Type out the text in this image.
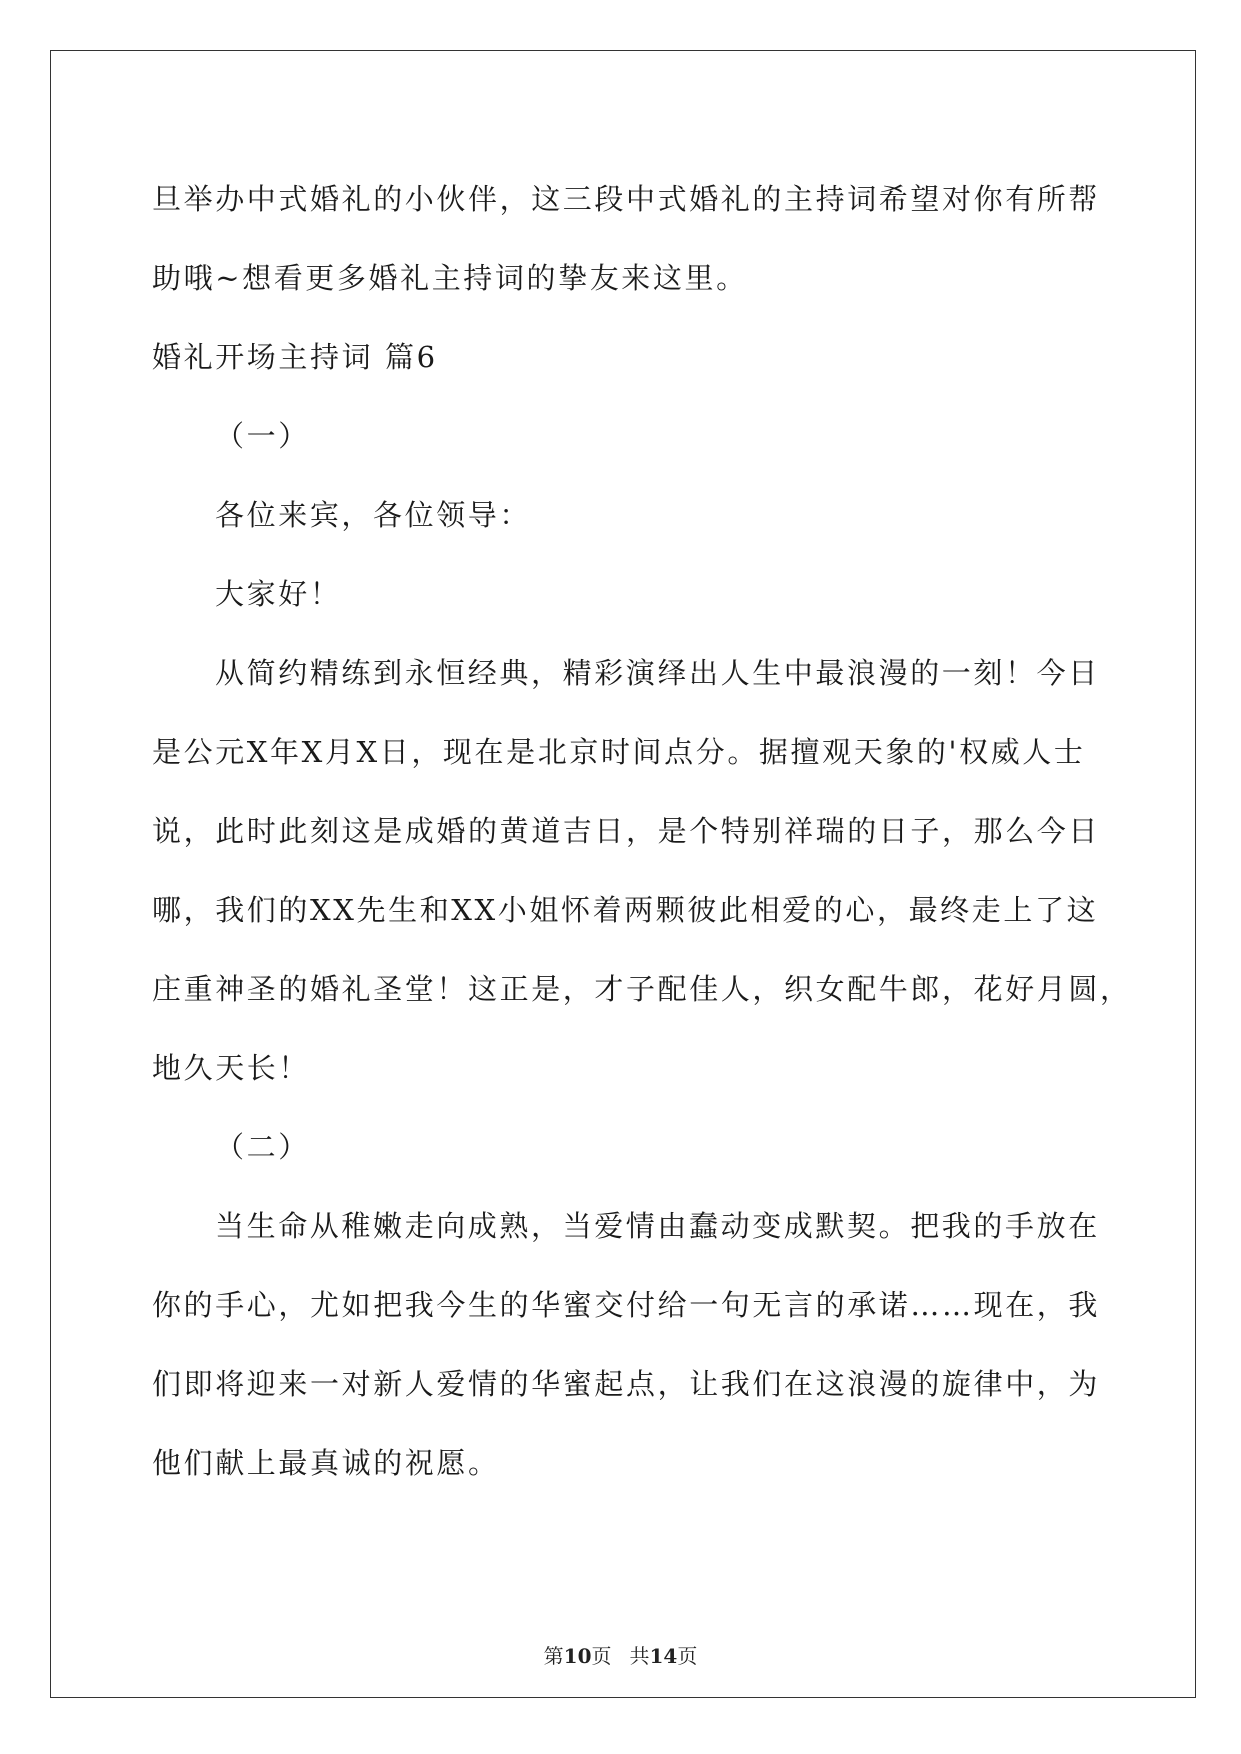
旦举办中式婚礼的小伙伴，这三段中式婚礼的主持词希望对你有所帮

助哦~想看更多婚礼主持词的挚友来这里。

婚礼开场主持词 篇6

（一）

各位来宾，各位领导：

大家好！

从简约精练到永恒经典，精彩演绎出人生中最浪漫的一刻！今日

是公元X年X月X日，现在是北京时间点分。据擅观天象的'权威人士

说，此时此刻这是成婚的黄道吉日，是个特别祥瑞的日子，那么今日

哪，我们的XX先生和XX小姐怀着两颗彼此相爱的心，最终走上了这

庄重神圣的婚礼圣堂！这正是，才子配佳人，织女配牛郎，花好月圆，

地久天长！

（二）

当生命从稚嫩走向成熟，当爱情由蠢动变成默契。把我的手放在

你的手心，尤如把我今生的华蜜交付给一句无言的承诺……现在，我

们即将迎来一对新人爱情的华蜜起点，让我们在这浪漫的旋律中，为

他们献上最真诚的祝愿。

第10页 共14页
